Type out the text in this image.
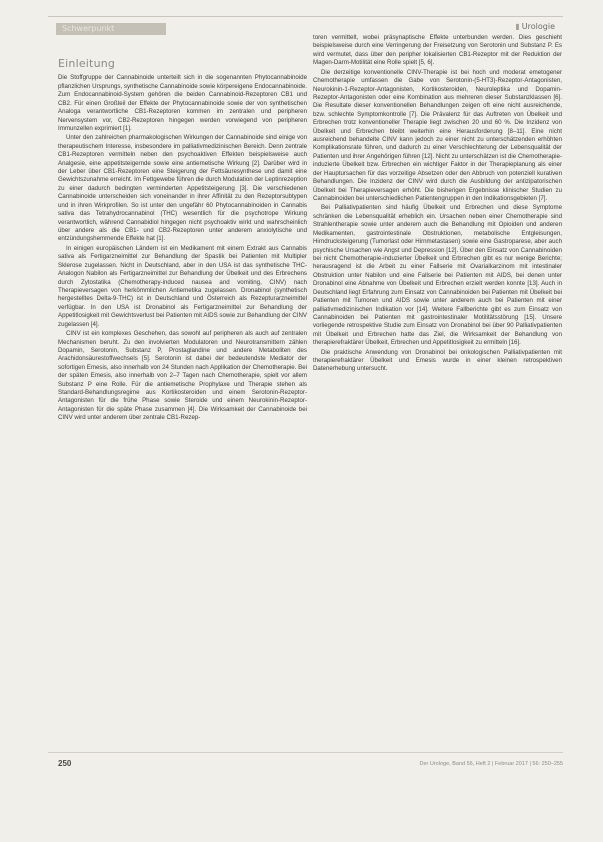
Schwerpunkt	▮ Urologie
Einleitung

Die Stoffgruppe der Cannabinoide unterteilt sich in die sogenannten Phytocannabinoide pflanzlichen Ursprungs, synthetische Cannabinoide sowie körpereigene Endocannabinoide. Zum Endocannabinoid-System gehören die beiden Cannabinoid-Rezeptoren CB1 und CB2. Für einen Großteil der Effekte der Phytocannabinoide sowie der von synthetischen Analoga verantwortliche CB1-Rezeptoren kommen im zentralen und peripheren Nervensystem vor, CB2-Rezeptoren hingegen werden vorwiegend von peripheren Immunzellen exprimiert [1].

Unter den zahlreichen pharmakologischen Wirkungen der Cannabinoide sind einige von therapeutischem Interesse, insbesondere im palliativmedizinischen Bereich. Denn zentrale CB1-Rezeptoren vermitteln neben den psychoaktiven Effekten beispielsweise auch Analgesie, eine appetitsteigernde sowie eine antiemetische Wirkung [2]. Darüber wird in der Leber über CB1-Rezeptoren eine Steigerung der Fettsäuresynthese und damit eine Gewichtszunahme erreicht. Im Fettgewebe führen die durch Modulation der Leptinrezeption zu einer dadurch bedingten verminderten Appetitsteigerung [3]. Die verschiedenen Cannabinoide unterscheiden sich voneinander in ihrer Affinität zu den Rezeptorsubtypen und in ihren Wirkprofilen. So ist unter den ungefähr 60 Phytocannabinoiden in Cannabis sativa das Tetrahydrocannabinol (THC) wesentlich für die psychotrope Wirkung verantwortlich, während Cannabidiol hingegen nicht psychoaktiv wirkt und wahrscheinlich über andere als die CB1- und CB2-Rezeptoren unter anderem anxiolytische und entzündungshemmende Effekte hat [1].

In einigen europäischen Ländern ist ein Medikament mit einem Extrakt aus Cannabis sativa als Fertigarzneimittel zur Behandlung der Spastik bei Patienten mit Multipler Sklerose zugelassen. Nicht in Deutschland, aber in den USA ist das synthetische THC-Analogon Nabilon als Fertigarzneimittel zur Behandlung der Übelkeit und des Erbrechens durch Zytostatika (Chemotherapy-induced nausea and vomiting, CINV) nach Therapieversagen von herkömmlichen Antiemetika zugelassen. Dronabinol (synthetisch hergestelltes Delta-9-THC) ist in Deutschland und Österreich als Rezepturarzneimittel verfügbar. In den USA ist Dronabinol als Fertigarzneimittel zur Behandlung der Appetitlosigkeit mit Gewichtsverlust bei Patienten mit AIDS sowie zur Behandlung der CINV zugelassen [4].

CINV ist ein komplexes Geschehen, das sowohl auf peripheren als auch auf zentralen Mechanismen beruht. Zu den involvierten Modulatoren und Neurotransmittern zählen Dopamin, Serotonin, Substanz P, Prostaglandine und andere Metaboliten des Arachidonsäurestoffwechsels [5]. Serotonin ist dabei der bedeutendste Mediator der sofortigen Emesis, also innerhalb von 24 Stunden nach Applikation der Chemotherapie. Bei der späten Emesis, also innerhalb von 2–7 Tagen nach Chemotherapie, spielt vor allem Substanz P eine Rolle. Für die antiemetische Prophylaxe und Therapie stehen als Standard-Behandlungsregime aus Kortikosteroiden und einem Serotonin-Rezeptor-Antagonisten für die frühe Phase sowie Steroide und einem Neurokinin-Rezeptor-Antagonisten für die späte Phase zusammen [4]. Die Wirksamkeit der Cannabinoide bei CINV wird unter anderem über zentrale CB1-Rezep-

toren vermittelt, wobei präsynaptische Effekte unterbunden werden. Dies geschieht beispielsweise durch eine Verringerung der Freisetzung von Serotonin und Substanz P. Es wird vermutet, dass über den peripher lokalisierten CB1-Rezeptor mit der Reduktion der Magen-Darm-Motilität eine Rolle spielt [5, 6].

Die derzeitige konventionelle CINV-Therapie ist bei hoch und moderat emetogener Chemotherapie umfassen die Gabe von Serotonin-(5-HT3)-Rezeptor-Antagonisten, Neurokinin-1-Rezeptor-Antagonisten, Kortikosteroiden, Neuroleptika und Dopamin-Rezeptor-Antagonisten oder eine Kombination aus mehreren dieser Substanzklassen [6]. Die Resultate dieser konventionellen Behandlungen zeigen oft eine nicht ausreichende, bzw. schlechte Symptomkontrolle [7]. Die Prävalenz für das Auftreten von Übelkeit und Erbrechen trotz konventioneller Therapie liegt zwischen 20 und 60 %. Die Inzidenz von Übelkeit und Erbrechen bleibt weiterhin eine Herausforderung [8–11]. Eine nicht ausreichend behandelte CINV kann jedoch zu einer nicht zu unterschätzenden erhöhten Komplikationsrate führen, und dadurch zu einer Verschlechterung der Lebensqualität der Patienten und ihrer Angehörigen führen [12]. Nicht zu unterschätzen ist die Chemotherapie-induzierte Übelkeit bzw. Erbrechen ein wichtiger Faktor in der Therapieplanung als einer der Hauptursachen für das vorzeitige Absetzen oder den Abbruch von potenziell kurativen Behandlungen. Die Inzidenz der CINV wird durch die Ausbildung der antizipatorischen Übelkeit bei Therapieversagen erhöht. Die bisherigen Ergebnisse klinischer Studien zu Cannabinoiden bei unterschiedlichen Patientengruppen in den Indikationsgebieten [7].

Bei Palliativpatienten sind häufig Übelkeit und Erbrechen und diese Symptome schränken die Lebensqualität erheblich ein. Ursachen neben einer Chemotherapie sind Strahlentherapie sowie unter anderem auch die Behandlung mit Opioiden und anderen Medikamenten, gastrointestinale Obstruktionen, metabolische Entgleisungen, Hirndrucksteigerung (Tumorlast oder Hirnmetastasen) sowie eine Gastroparese, aber auch psychische Ursachen wie Angst und Depression [12]. Über den Einsatz von Cannabinoiden bei nicht Chemotherapie-induzierter Übelkeit und Erbrechen gibt es nur wenige Berichte; herausragend ist die Arbeit zu einer Fallserie mit Ovarialkarzinom mit intestinaler Obstruktion unter Nabilon und eine Fallserie bei Patienten mit AIDS, bei denen unter Dronabinol eine Abnahme von Übelkeit und Erbrechen erzielt werden konnte [13]. Auch in Deutschland liegt Erfahrung zum Einsatz von Cannabinoiden bei Patienten mit Übelkeit bei Patienten mit Tumoren und AIDS sowie unter anderem auch bei Patienten mit einer palliativmedizinischen Indikation vor [14]. Weitere Fallberichte gibt es zum Einsatz von Cannabinoiden bei Patienten mit gastrointestinaler Motilitätsstörung [15]. Unsere vorliegende retrospektive Studie zum Einsatz von Dronabinol bei über 90 Palliativpatienten mit Übelkeit und Erbrechen hatte das Ziel, die Wirksamkeit der Behandlung von therapierefraktärer Übelkeit, Erbrechen und Appetitlosigkeit zu ermitteln [16].

Die praktische Anwendung von Dronabinol bei onkologischen Palliativpatienten mit therapierefraktärer Übelkeit und Emesis wurde in einer kleinen retrospektiven Datenerhebung untersucht.

250	Der Urologe, Band 56, Heft 2 | Februar 2017 | 56: 250–255
